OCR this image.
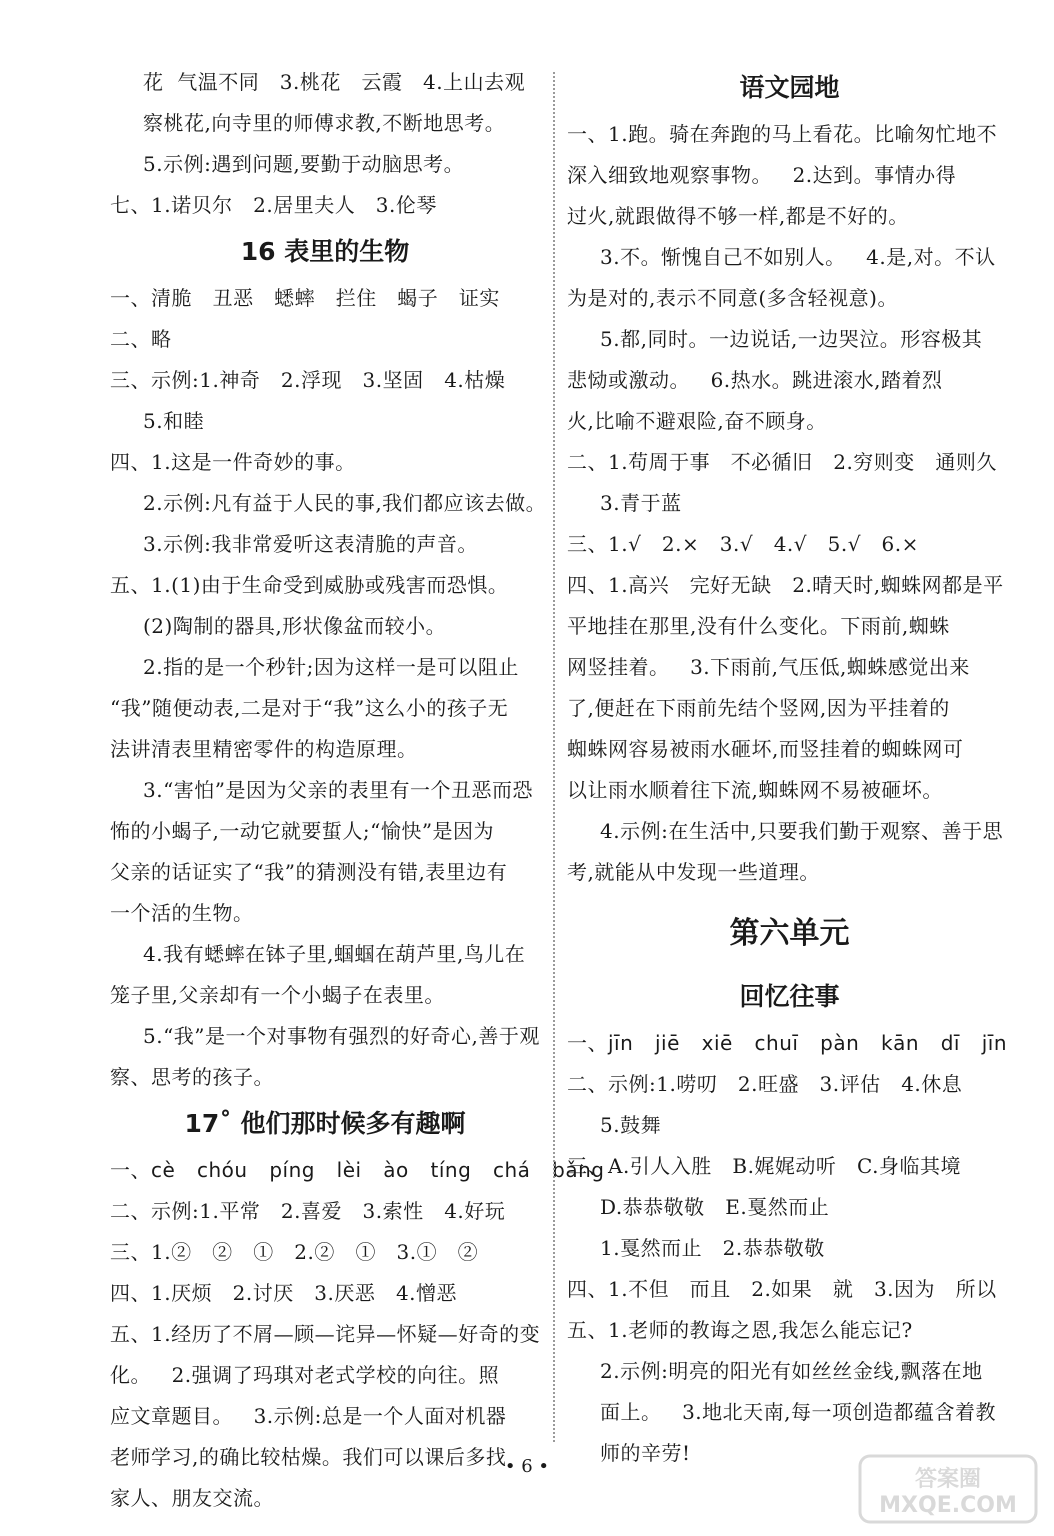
花  气温不同   3.桃花   云霞   4.上山去观
察桃花,向寺里的师傅求教,不断地思考。
5.示例:遇到问题,要勤于动脑思考。
七、1.诺贝尔   2.居里夫人   3.伦琴
16 表里的生物
一、清脆   丑恶   蟋蟀   拦住   蝎子   证实
二、略
三、示例:1.神奇   2.浮现   3.坚固   4.枯燥
5.和睦
四、1.这是一件奇妙的事。
2.示例:凡有益于人民的事,我们都应该去做。
3.示例:我非常爱听这表清脆的声音。
五、1.(1)由于生命受到威胁或残害而恐惧。
(2)陶制的器具,形状像盆而较小。
2.指的是一个秒针;因为这样一是可以阻止
“我”随便动表,二是对于“我”这么小的孩子无
法讲清表里精密零件的构造原理。
3.“害怕”是因为父亲的表里有一个丑恶而恐
怖的小蝎子,一动它就要蜇人;“愉快”是因为
父亲的话证实了“我”的猜测没有错,表里边有
一个活的生物。
4.我有蟋蟀在钵子里,蝈蝈在葫芦里,鸟儿在
笼子里,父亲却有一个小蝎子在表里。
5.“我”是一个对事物有强烈的好奇心,善于观
察、思考的孩子。
17˚ 他们那时候多有趣啊
一、cè  chóu  píng  lèi  ào  tíng  chá  bǎng
二、示例:1.平常   2.喜爱   3.索性   4.好玩
三、1.②   ②   ①   2.②   ①   3.①   ②
四、1.厌烦   2.讨厌   3.厌恶   4.憎恶
五、1.经历了不屑—顾—诧异—怀疑—好奇的变
化。   2.强调了玛琪对老式学校的向往。照
应文章题目。   3.示例:总是一个人面对机器
老师学习,的确比较枯燥。我们可以课后多找
家人、朋友交流。
语文园地
一、1.跑。骑在奔跑的马上看花。比喻匆忙地不
深入细致地观察事物。   2.达到。事情办得
过火,就跟做得不够一样,都是不好的。
3.不。惭愧自己不如别人。   4.是,对。不认
为是对的,表示不同意(多含轻视意)。
5.都,同时。一边说话,一边哭泣。形容极其
悲恸或激动。   6.热水。跳进滚水,踏着烈
火,比喻不避艰险,奋不顾身。
二、1.苟周于事   不必循旧   2.穷则变   通则久
3.青于蓝
三、1.√   2.×   3.√   4.√   5.√   6.×
四、1.高兴   完好无缺   2.晴天时,蜘蛛网都是平
平地挂在那里,没有什么变化。下雨前,蜘蛛
网竖挂着。   3.下雨前,气压低,蜘蛛感觉出来
了,便赶在下雨前先结个竖网,因为平挂着的
蜘蛛网容易被雨水砸坏,而竖挂着的蜘蛛网可
以让雨水顺着往下流,蜘蛛网不易被砸坏。
4.示例:在生活中,只要我们勤于观察、善于思
考,就能从中发现一些道理。
第六单元
回忆往事
一、jīn  jiē  xiē  chuī  pàn  kān  dī  jīn
二、示例:1.唠叨   2.旺盛   3.评估   4.休息
5.鼓舞
三、A.引人入胜   B.娓娓动听   C.身临其境
D.恭恭敬敬   E.戛然而止
1.戛然而止   2.恭恭敬敬
四、1.不但   而且   2.如果   就   3.因为   所以
五、1.老师的教诲之恩,我怎么能忘记?
2.示例:明亮的阳光有如丝丝金线,飘落在地
面上。   3.地北天南,每一项创造都蕴含着教
师的辛劳!
• 6 •
答案圈
MXQE.COM
